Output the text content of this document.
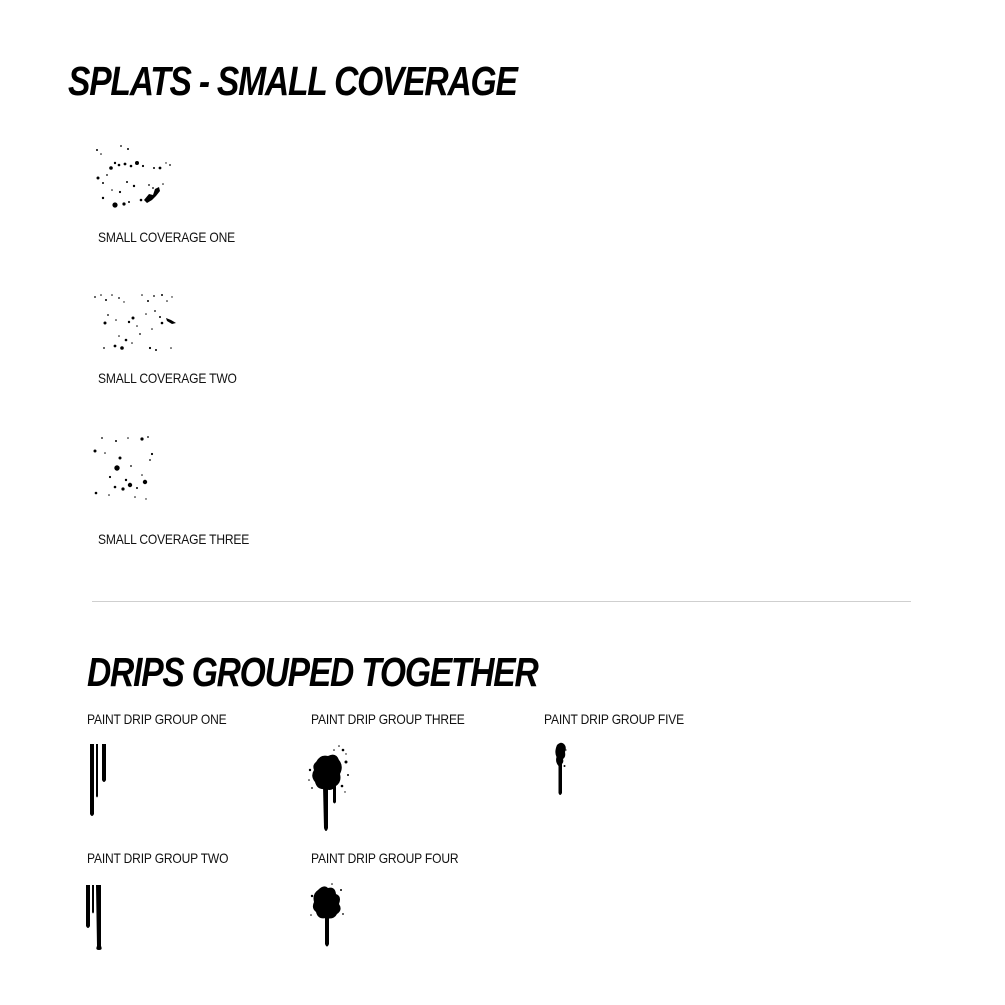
SPLATS - SMALL COVERAGE
SMALL COVERAGE ONE
SMALL COVERAGE TWO
SMALL COVERAGE THREE
DRIPS GROUPED TOGETHER
PAINT DRIP GROUP ONE
PAINT DRIP GROUP TWO
PAINT DRIP GROUP THREE
PAINT DRIP GROUP FOUR
PAINT DRIP GROUP FIVE
